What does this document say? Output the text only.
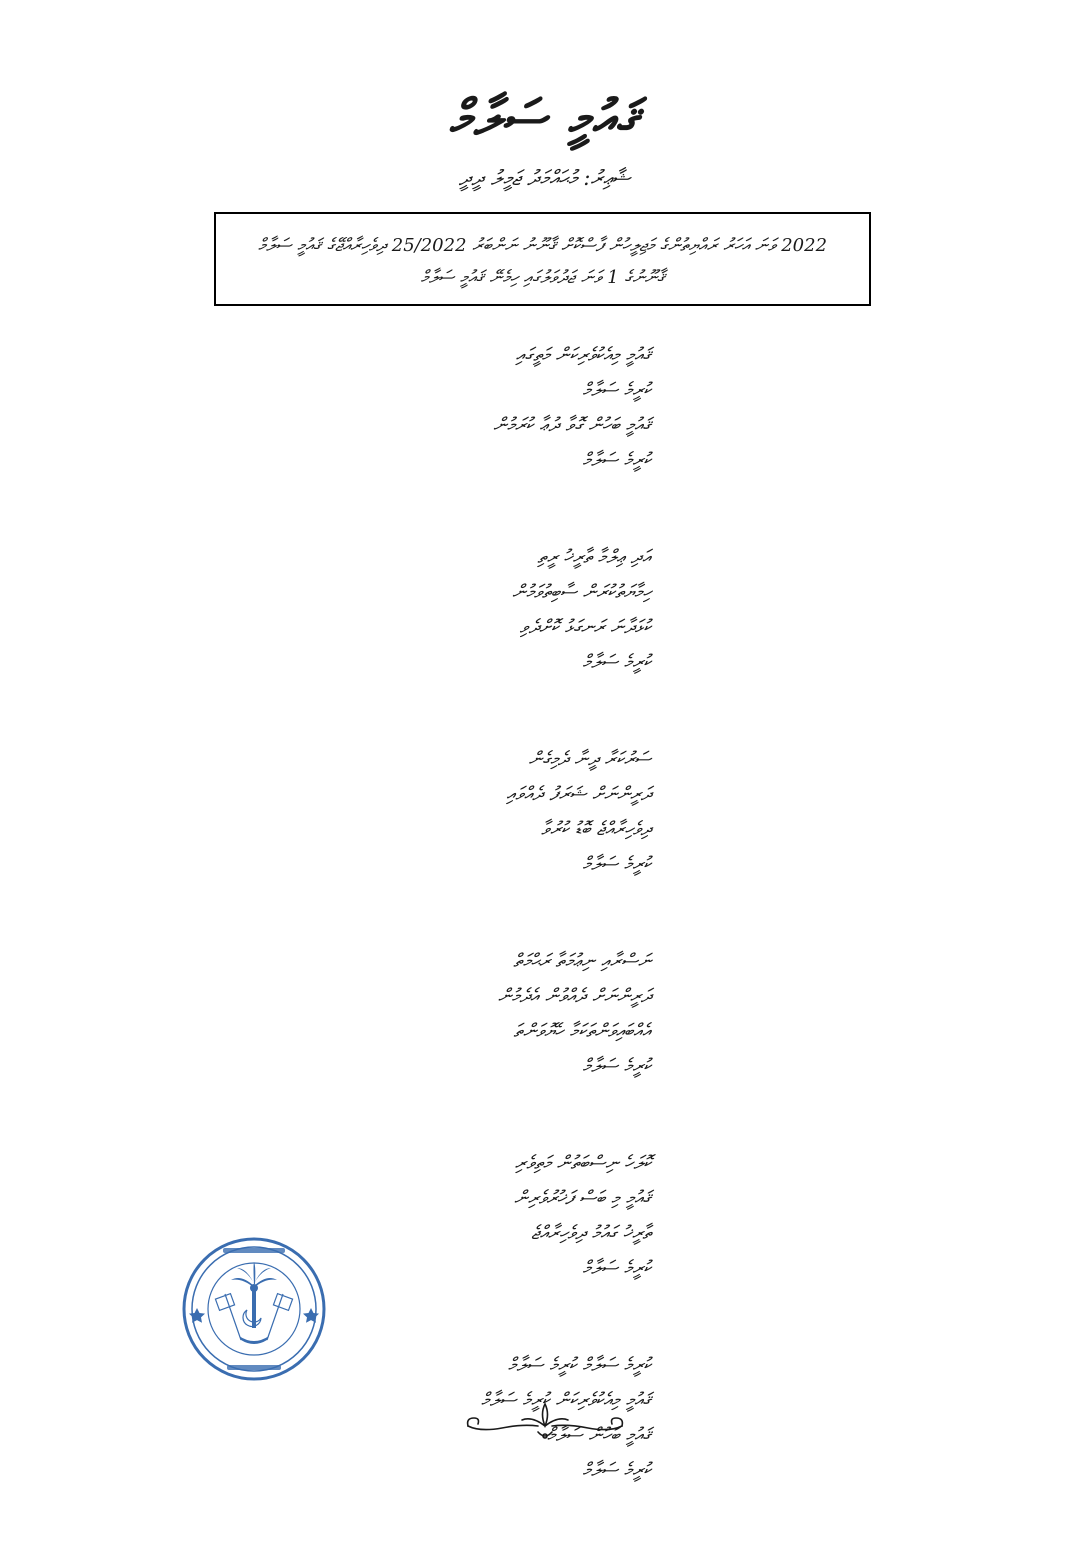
ޤައުމީ ސަލާމް
ޝާޢިރު: މުޙައްމަދު ޖަމީލު ދީދީ
2022 ވަނަ އަހަރު ރައްޔިތުންގެ މަޖިލީހުން ފާސްކޮށް ޤާނޫނު ނަންބަރު 25/2022 ދިވެހިރާއްޖޭގެ ޤައުމީ ސަލާމް
ޤާނޫނުގެ 1 ވަނަ ޖަދުވަލުގައި ހިމެނޭ ޤައުމީ ސަލާމް
ޤައުމީ މިއެކުވެރިކަން މަތީގައި
ކުރީމެ ސަލާމް
ޤައުމީ ބަހުން ގޮވާ ދުޢާ ކުރަމުން
ކުރީމެ ސަލާމް
އަދި ޢިލްމާ ތާރީޚު ރީތި
ހިމާޔަތުކުރަން ސާބިތުވަމުން
ކުޅަދާނަ ރަނގަޅު ކޮށްދެވި
ކުރީމެ ސަލާމް
ސަރުކަރާ ދީނާ ދެމިގެން
ދަރީންނަށް ޝަރަފު ދެއްވައި
ދިވެހިރާއްޖެ ބޮޑު ކުރުވާ
ކުރީމެ ސަލާމް
ނަސްރާއި ނިޢުމަތާ ރަޙްމަތް
ދަރީންނަށް ދެއްވުން އެދެމުން
އެއްބައިވަންތަކަމާ ހެޔޮވަންތަ
ކުރީމެ ސަލާމް
ކޮލަހެ ނިސްބަތުން މަތިވެރި
ޤައުމީ މި ބަސް ފަޚުރުވެރިން
ތާރީޚު ގައުމު ދިވެހިރާއްޖެ
ކުރީމެ ސަލާމް
ކުރީމެ ސަލާމް ކުރީމެ ސަލާމް
ޤައުމީ މިއެކުވެރިކަން ކުރީމެ ސަލާމް
ޤައުމީ ބަހުން ސަލާމް
ކުރީމެ ސަލާމް
